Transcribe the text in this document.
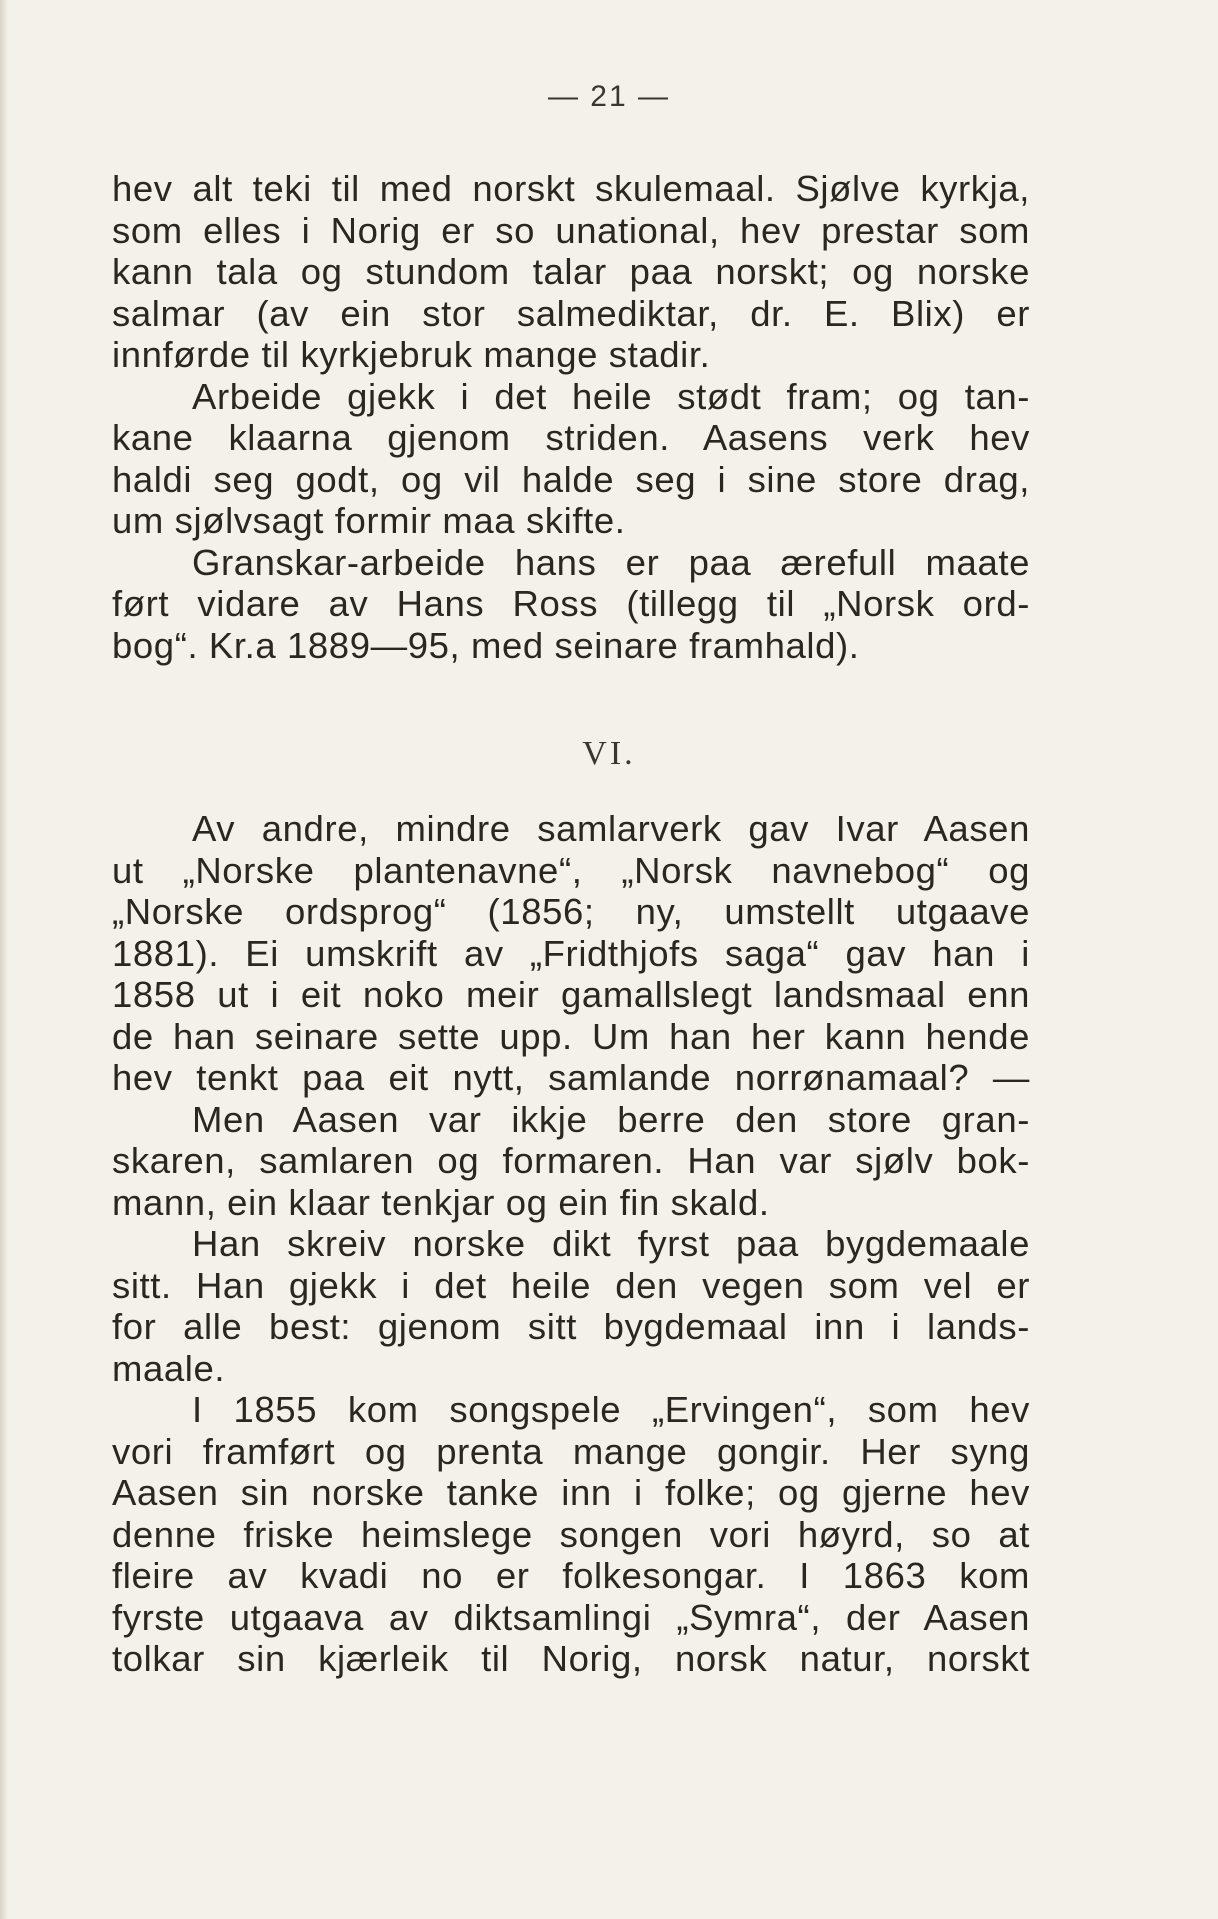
— 21 —
hev alt teki til med norskt skulemaal. Sjølve kyrkja,
som elles i Norig er so unational, hev prestar som
kann tala og stundom talar paa norskt; og norske
salmar (av ein stor salmediktar, dr. E. Blix) er
innførde til kyrkjebruk mange stadir.
Arbeide gjekk i det heile stødt fram; og tan-
kane klaarna gjenom striden. Aasens verk hev
haldi seg godt, og vil halde seg i sine store drag,
um sjølvsagt formir maa skifte.
Granskar-arbeide hans er paa ærefull maate
ført vidare av Hans Ross (tillegg til „Norsk ord-
bog“. Kr.a 1889—95, med seinare framhald).
VI.
Av andre, mindre samlarverk gav Ivar Aasen
ut „Norske plantenavne“, „Norsk navnebog“ og
„Norske ordsprog“ (1856; ny, umstellt utgaave
1881). Ei umskrift av „Fridthjofs saga“ gav han i
1858 ut i eit noko meir gamallslegt landsmaal enn
de han seinare sette upp. Um han her kann hende
hev tenkt paa eit nytt, samlande norrønamaal? —
Men Aasen var ikkje berre den store gran-
skaren, samlaren og formaren. Han var sjølv bok-
mann, ein klaar tenkjar og ein fin skald.
Han skreiv norske dikt fyrst paa bygdemaale
sitt. Han gjekk i det heile den vegen som vel er
for alle best: gjenom sitt bygdemaal inn i lands-
maale.
I 1855 kom songspele „Ervingen“, som hev
vori framført og prenta mange gongir. Her syng
Aasen sin norske tanke inn i folke; og gjerne hev
denne friske heimslege songen vori høyrd, so at
fleire av kvadi no er folkesongar. I 1863 kom
fyrste utgaava av diktsamlingi „Symra“, der Aasen
tolkar sin kjærleik til Norig, norsk natur, norskt
